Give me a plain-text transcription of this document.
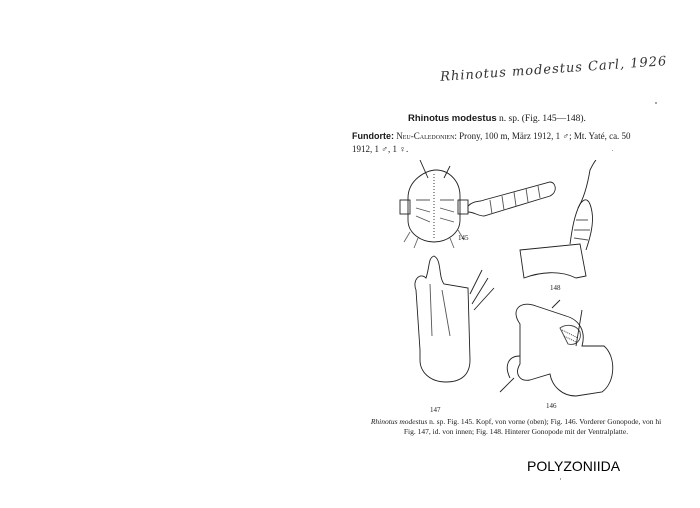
Rhinotus modestus Carl, 1926
Rhinotus modestus n. sp. (Fig. 145—148).
Fundorte: Neu-Caledonien: Prony, 100 m, März 1912, 1 ♂; Mt. Yaté, ca. 50
1912, 1 ♂, 1 ♀.
145
148
147	146
Rhinotus modestus n. sp. Fig. 145. Kopf, von vorne (oben); Fig. 146. Vorderer Gonopode, von hi
Fig. 147, id. von innen; Fig. 148. Hinterer Gonopode mit der Ventralplatte.
POLYZONIIDA
